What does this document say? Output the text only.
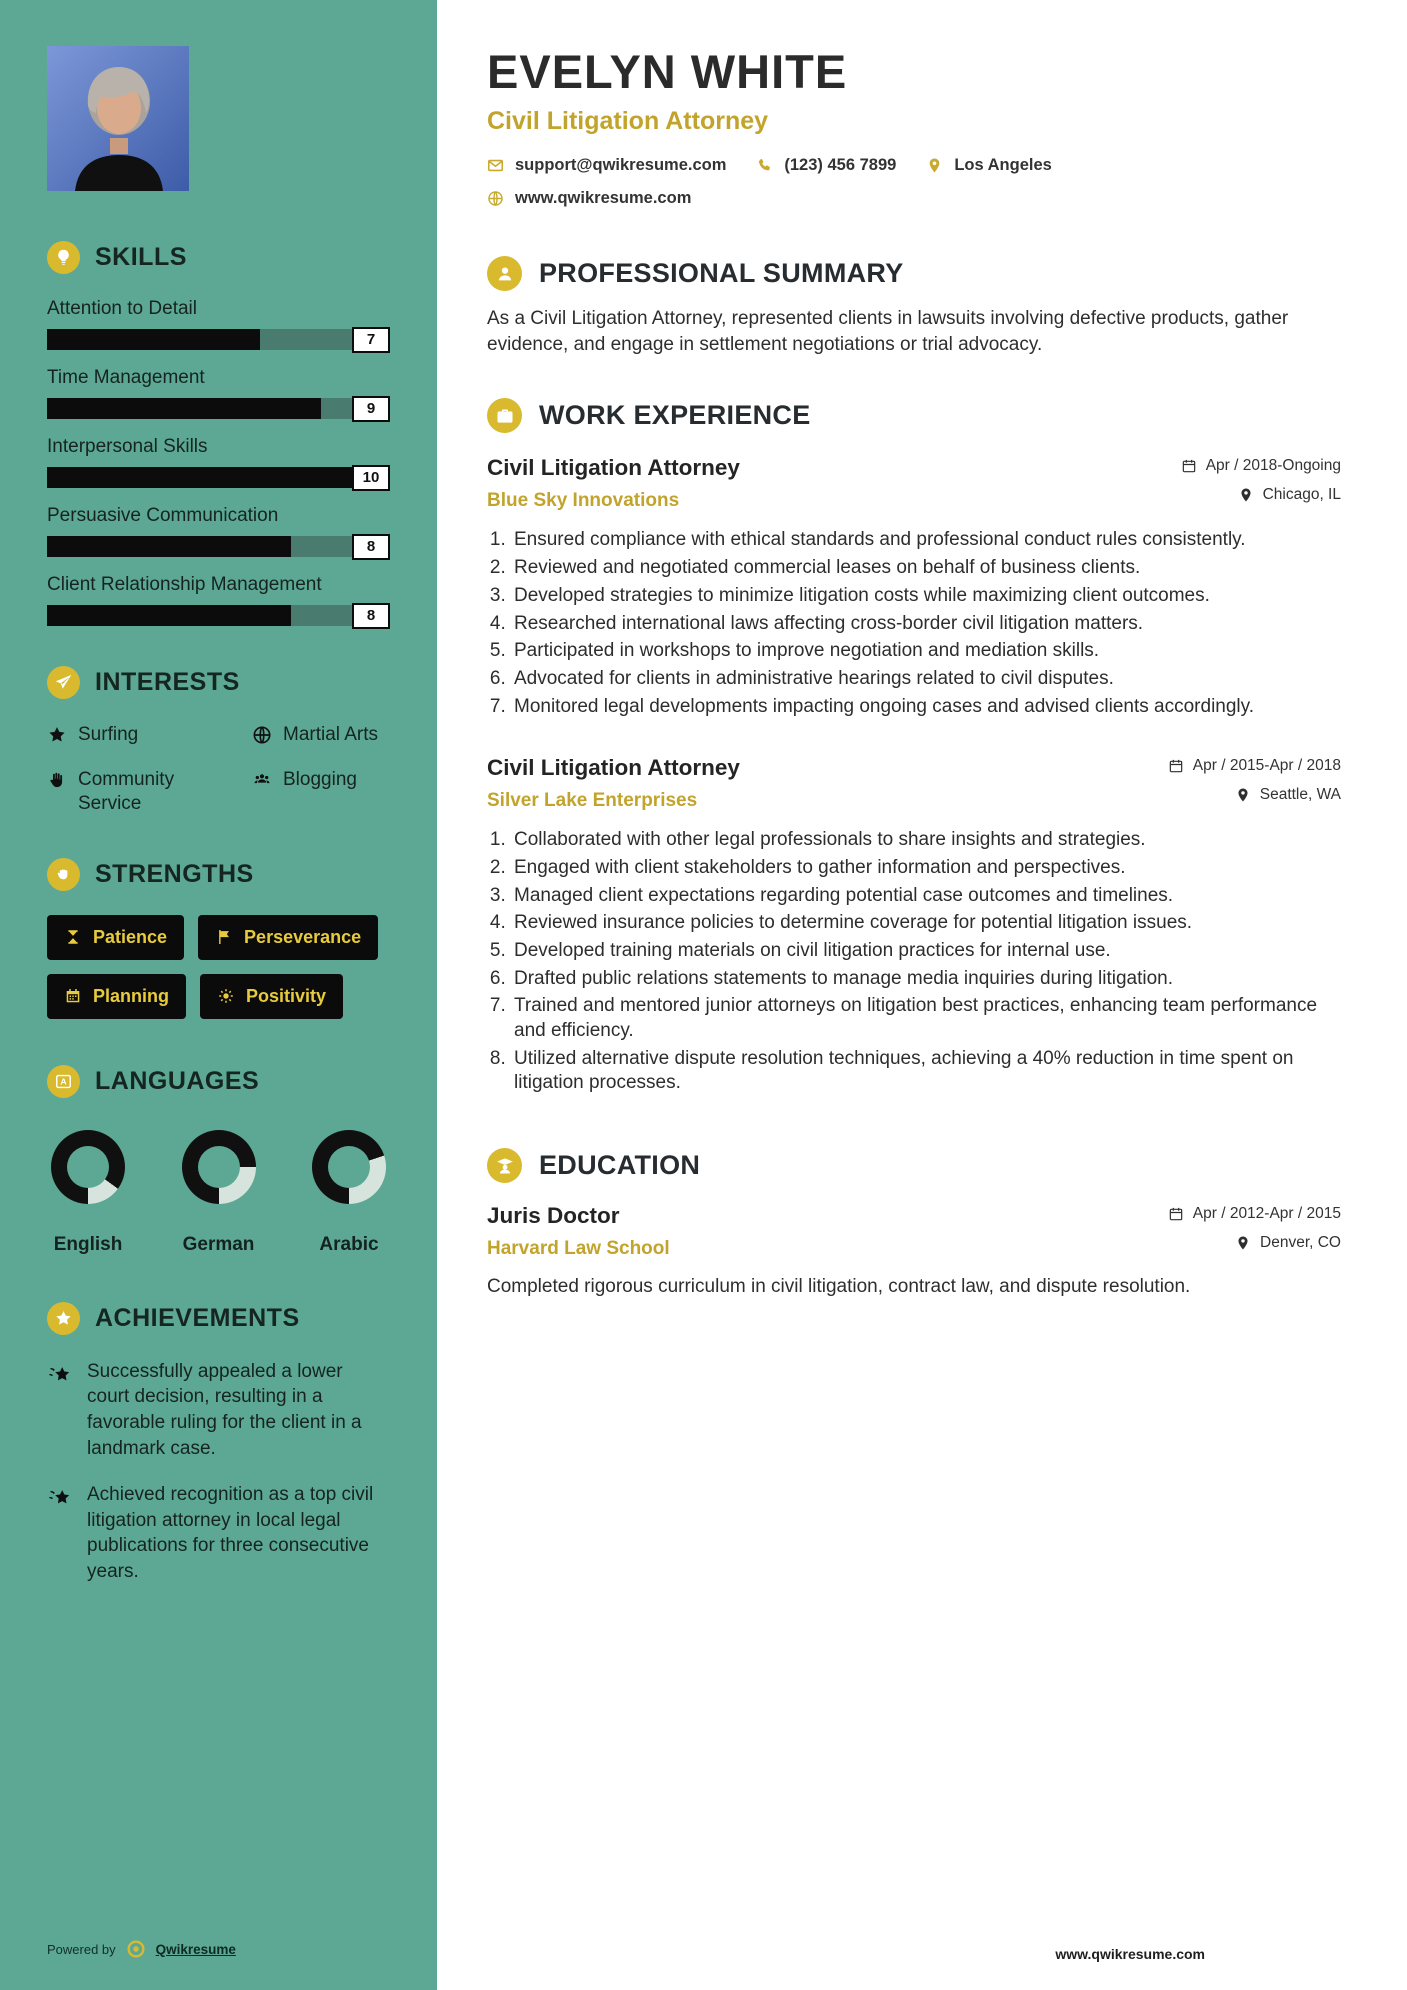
SKILLS
Attention to Detail
7
Time Management
9
Interpersonal Skills
10
Persuasive Communication
8
Client Relationship Management
8
INTERESTS
Surfing	Martial Arts
Community Service
Blogging
STRENGTHS
Patience	Perseverance
Planning	Positivity
A LANGUAGES
English	German	Arabic
ACHIEVEMENTS
Successfully appealed a lower court decision, resulting in a favorable ruling for the client in a landmark case.
Achieved recognition as a top civil litigation attorney in local legal publications for three consecutive years.
Powered by	Qwikresume
EVELYN WHITE
Civil Litigation Attorney
support@qwikresume.com	(123) 456 7899	Los Angeles
www.qwikresume.com
PROFESSIONAL SUMMARY

As a Civil Litigation Attorney, represented clients in lawsuits involving defective products, gather evidence, and engage in settlement negotiations or trial advocacy.

WORK EXPERIENCE
Civil Litigation Attorney
Blue Sky Innovations
Apr / 2018-Ongoing
Chicago, IL
1. Ensured compliance with ethical standards and professional conduct rules consistently.
2. Reviewed and negotiated commercial leases on behalf of business clients.
3. Developed strategies to minimize litigation costs while maximizing client outcomes.
4. Researched international laws affecting cross-border civil litigation matters.
5. Participated in workshops to improve negotiation and mediation skills.
6. Advocated for clients in administrative hearings related to civil disputes.
7. Monitored legal developments impacting ongoing cases and advised clients accordingly.
Civil Litigation Attorney
Silver Lake Enterprises
Apr / 2015-Apr / 2018
Seattle, WA
1. Collaborated with other legal professionals to share insights and strategies.
2. Engaged with client stakeholders to gather information and perspectives.
3. Managed client expectations regarding potential case outcomes and timelines.
4. Reviewed insurance policies to determine coverage for potential litigation issues.
5. Developed training materials on civil litigation practices for internal use.
6. Drafted public relations statements to manage media inquiries during litigation.
7. Trained and mentored junior attorneys on litigation best practices, enhancing team performance and efficiency.
8. Utilized alternative dispute resolution techniques, achieving a 40% reduction in time spent on litigation processes.
EDUCATION
Juris Doctor
Harvard Law School
Apr / 2012-Apr / 2015
Denver, CO

Completed rigorous curriculum in civil litigation, contract law, and dispute resolution.

www.qwikresume.com
